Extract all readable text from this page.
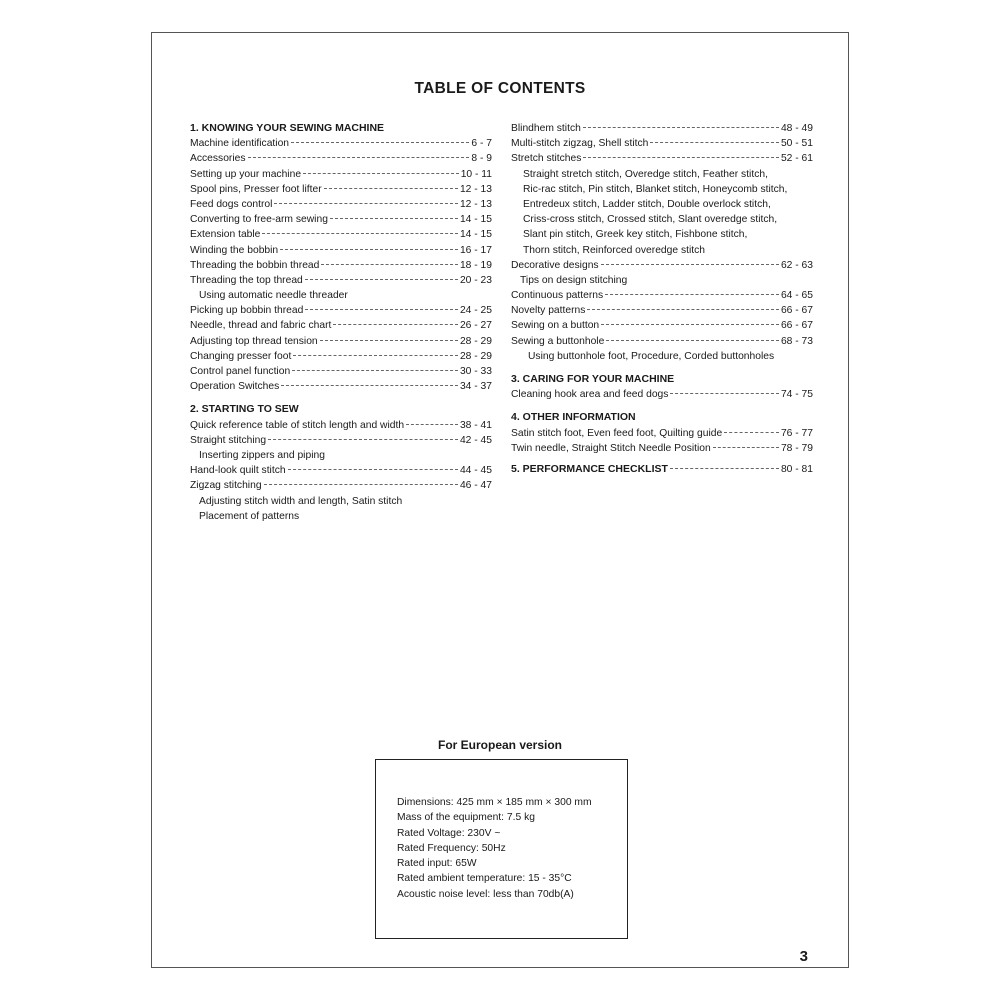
TABLE OF CONTENTS
1. KNOWING YOUR SEWING MACHINE
Machine identification	6 - 7
Accessories	8 - 9
Setting up your machine	10 - 11
Spool pins, Presser foot lifter	12 - 13
Feed dogs control	12 - 13
Converting to free-arm sewing	14 - 15
Extension table	14 - 15
Winding the bobbin	16 - 17
Threading the bobbin thread	18 - 19
Threading the top thread	20 - 23
Using automatic needle threader
Picking up bobbin thread	24 - 25
Needle, thread and fabric chart	26 - 27
Adjusting top thread tension	28 - 29
Changing presser foot	28 - 29
Control panel function	30 - 33
Operation Switches	34 - 37
2. STARTING TO SEW
Quick reference table of stitch length and width	38 - 41
Straight stitching	42 - 45
Inserting zippers and piping
Hand-look quilt stitch	44 - 45
Zigzag stitching	46 - 47
Adjusting stitch width and length, Satin stitch
Placement of patterns
Blindhem stitch	48 - 49
Multi-stitch zigzag, Shell stitch	50 - 51
Stretch stitches	52 - 61
Straight stretch stitch, Overedge stitch, Feather stitch,
Ric-rac stitch, Pin stitch, Blanket stitch, Honeycomb stitch,
Entredeux stitch, Ladder stitch, Double overlock stitch,
Criss-cross stitch, Crossed stitch, Slant overedge stitch,
Slant pin stitch, Greek key stitch, Fishbone stitch,
Thorn stitch, Reinforced overedge stitch
Decorative designs	62 - 63
Tips on design stitching
Continuous patterns	64 - 65
Novelty patterns	66 - 67
Sewing on a button	66 - 67
Sewing a buttonhole	68 - 73
Using buttonhole foot, Procedure, Corded buttonholes
3. CARING FOR YOUR MACHINE
Cleaning hook area and feed dogs	74 - 75
4. OTHER INFORMATION
Satin stitch foot, Even feed foot, Quilting guide	76 - 77
Twin needle, Straight Stitch Needle Position	78 - 79
5. PERFORMANCE CHECKLIST	80 - 81
For European version
Dimensions: 425 mm × 185 mm × 300 mm
Mass of the equipment: 7.5 kg
Rated Voltage: 230V ~
Rated Frequency: 50Hz
Rated input: 65W
Rated ambient temperature: 15 - 35°C
Acoustic noise level: less than 70db(A)
3
